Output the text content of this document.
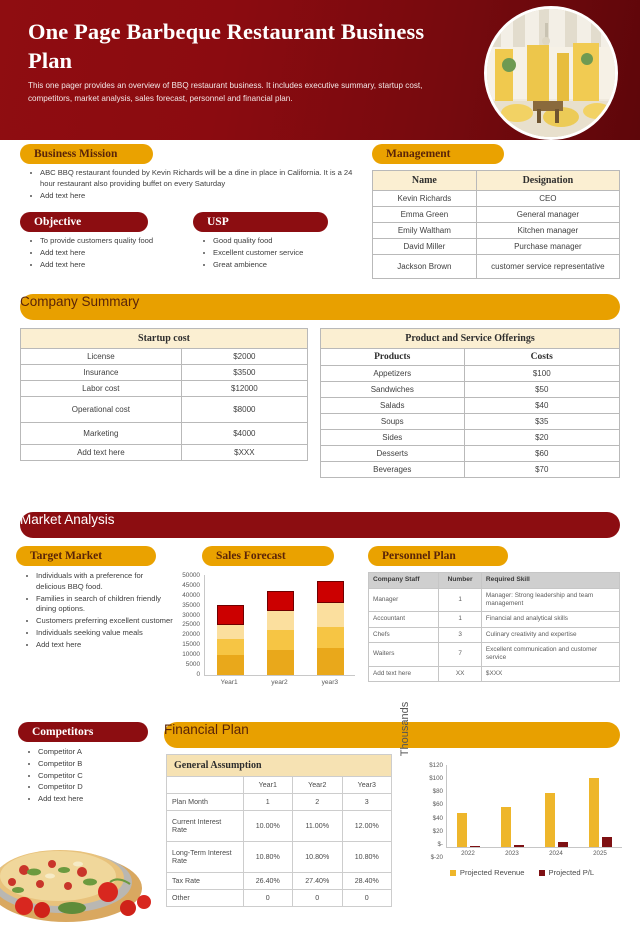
One Page Barbeque Restaurant Business Plan
This one pager provides an overview of BBQ restaurant business. It includes executive summary, startup cost, competitors, market analysis, sales forecast, personnel and financial plan.
Business Mission
ABC BBQ restaurant founded by Kevin Richards will be a dine in place in California. It is a 24 hour restaurant also providing buffet on every Saturday
Add text here
Objective
To provide customers quality food
Add text here
Add text here
USP
Good quality food
Excellent customer service
Great ambience
Management
Name	Designation
Kevin Richards	CEO
Emma Green	General manager
Emily Waltham	Kitchen manager
David Miller	Purchase manager
Jackson Brown	customer service representative
Company Summary
Startup cost	
License	$2000
Insurance	$3500
Labor cost	$12000
Operational cost	$8000
Marketing	$4000
Add text here	$XXX
Product and Service Offerings	
Products	Costs
Appetizers	$100
Sandwiches	$50
Salads	$40
Soups	$35
Sides	$20
Desserts	$60
Beverages	$70
Market Analysis
Target Market
Individuals with a preference for delicious BBQ food.
Families in search of children friendly dining options.
Customers preferring excellent customer
Individuals seeking value meals
Add text here
Sales Forecast
50000
45000
40000
35000
30000
25000
20000
15000
10000
5000
0
Year1	year2	year3
Personnel Plan
Company Staff	Number	Required Skill
Manager	1	Manager: Strong leadership and team management
Accountant	1	Financial and analytical skills
Chefs	3	Culinary creativity and expertise
Waiters	7	Excellent communication and customer service
Add text here	XX	$XXX
Competitors
Competitor A
Competitor B
Competitor C
Competitor D
Add text here
Financial Plan
General Assumption			
	Year1	Year2	Year3
Plan Month	1	2	3
Current Interest Rate	10.00%	11.00%	12.00%
Long-Term Interest Rate	10.80%	10.80%	10.80%
Tax Rate	26.40%	27.40%	28.40%
Other	0	0	0
Thousands
$120
$100
$80
$60
$40
$20
$-
$-20
2022	2023	2024	2025
Projected Revenue	Projected P/L
